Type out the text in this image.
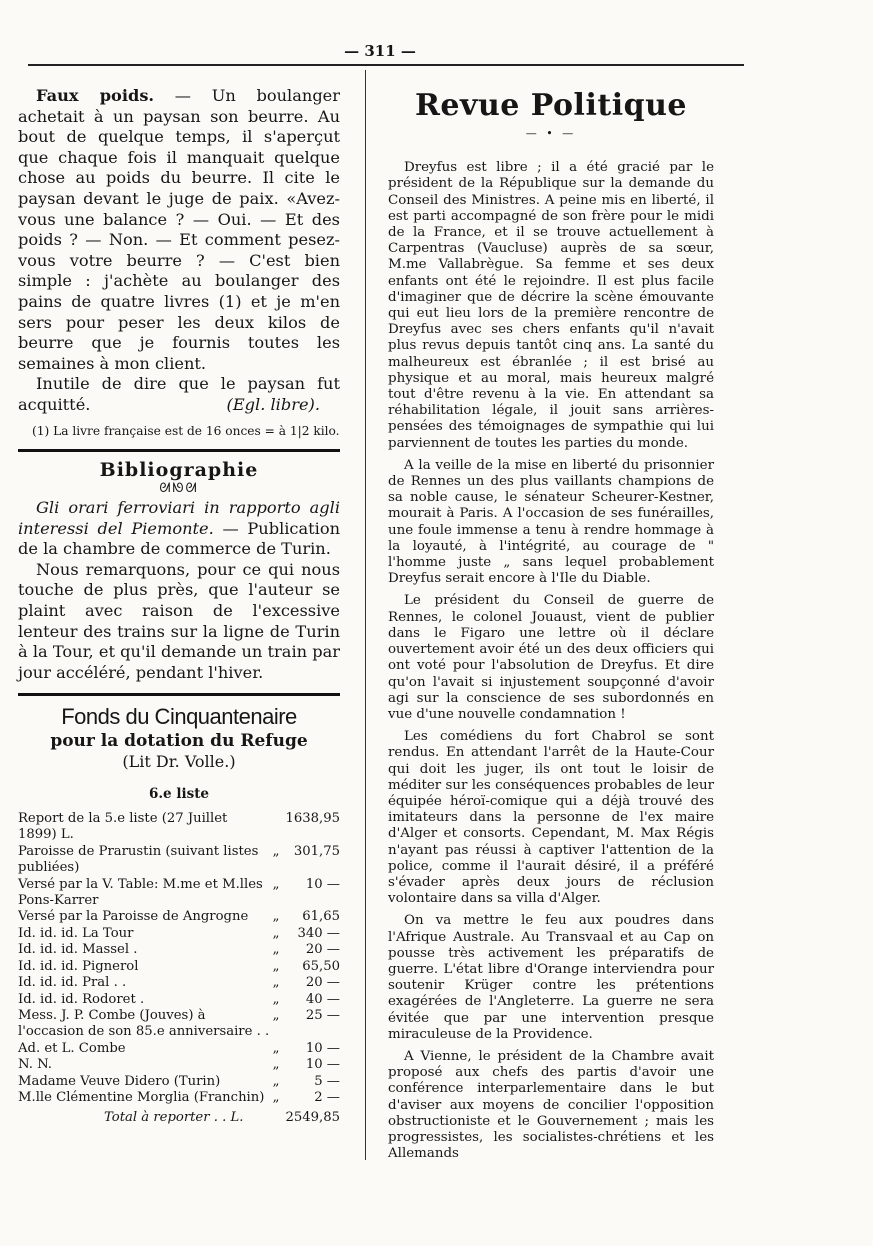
— 311 —

Faux poids. — Un boulanger achetait à un paysan son beurre. Au bout de quelque temps, il s'aperçut que chaque fois il manquait quelque chose au poids du beurre. Il cite le paysan devant le juge de paix. «Avez-vous une balance ? — Oui. — Et des poids ? — Non. — Et comment pesez-vous votre beurre ? — C'est bien simple : j'achète au boulanger des pains de quatre livres (1) et je m'en sers pour peser les deux kilos de beurre que je fournis toutes les semaines à mon client.

Inutile de dire que le paysan fut acquitté.	(Egl. libre).

(1) La livre française est de 16 onces = à 1|2 kilo.

Bibliographie
ᘛᘚᘛ

Gli orari ferroviari in rapporto agli interessi del Piemonte. — Publication de la chambre de commerce de Turin.

Nous remarquons, pour ce qui nous touche de plus près, que l'auteur se plaint avec raison de l'excessive lenteur des trains sur la ligne de Turin à la Tour, et qu'il demande un train par jour accéléré, pendant l'hiver.

Fonds du Cinquantenaire
pour la dotation du Refuge
(Lit Dr. Volle.)
6.e liste
Report de la 5.e liste (27 Juillet 1899) L.		1638,95
Paroisse de Prarustin (suivant listes publiées)	„	301,75
Versé par la V. Table: M.me et M.lles Pons-Karrer	„	10 —
Versé par la Paroisse de Angrogne	„	61,65
Id. id. id. La Tour	„	340 —
Id. id. id. Massel .	„	20 —
Id. id. id. Pignerol	„	65,50
Id. id. id. Pral . .	„	20 —
Id. id. id. Rodoret .	„	40 —
Mess. J. P. Combe (Jouves) à l'occasion de son 85.e anniversaire . .	„	25 —
Ad. et L. Combe	„	10 —
N. N.	„	10 —
Madame Veuve Didero (Turin)	„	5 —
M.lle Clémentine Morglia (Franchin)	„	2 —
Total à reporter . . L.		2549,85
Revue Politique
— • —

Dreyfus est libre ; il a été gracié par le président de la République sur la demande du Conseil des Ministres. A peine mis en liberté, il est parti accompagné de son frère pour le midi de la France, et il se trouve actuellement à Carpentras (Vaucluse) auprès de sa sœur, M.me Vallabrègue. Sa femme et ses deux enfants ont été le rejoindre. Il est plus facile d'imaginer que de décrire la scène émouvante qui eut lieu lors de la première rencontre de Dreyfus avec ses chers enfants qu'il n'avait plus revus depuis tantôt cinq ans. La santé du malheureux est ébranlée ; il est brisé au physique et au moral, mais heureux malgré tout d'être revenu à la vie. En attendant sa réhabilitation légale, il jouit sans arrières-pensées des témoignages de sympathie qui lui parviennent de toutes les parties du monde.

A la veille de la mise en liberté du prisonnier de Rennes un des plus vaillants champions de sa noble cause, le sénateur Scheurer-Kestner, mourait à Paris. A l'occasion de ses funérailles, une foule immense a tenu à rendre hommage à la loyauté, à l'intégrité, au courage de " l'homme juste „ sans lequel probablement Dreyfus serait encore à l'Ile du Diable.

Le président du Conseil de guerre de Rennes, le colonel Jouaust, vient de publier dans le Figaro une lettre où il déclare ouvertement avoir été un des deux officiers qui ont voté pour l'absolution de Dreyfus. Et dire qu'on l'avait si injustement soupçonné d'avoir agi sur la conscience de ses subordonnés en vue d'une nouvelle condamnation !

Les comédiens du fort Chabrol se sont rendus. En attendant l'arrêt de la Haute-Cour qui doit les juger, ils ont tout le loisir de méditer sur les conséquences probables de leur équipée héroï-comique qui a déjà trouvé des imitateurs dans la personne de l'ex maire d'Alger et consorts. Cependant, M. Max Régis n'ayant pas réussi à captiver l'attention de la police, comme il l'aurait désiré, il a préféré s'évader après deux jours de réclusion volontaire dans sa villa d'Alger.

On va mettre le feu aux poudres dans l'Afrique Australe. Au Transvaal et au Cap on pousse très activement les préparatifs de guerre. L'état libre d'Orange interviendra pour soutenir Krüger contre les prétentions exagérées de l'Angleterre. La guerre ne sera évitée que par une intervention presque miraculeuse de la Providence.

A Vienne, le président de la Chambre avait proposé aux chefs des partis d'avoir une conférence interparlementaire dans le but d'aviser aux moyens de concilier l'opposition obstructioniste et le Gouvernement ; mais les progressistes, les socialistes-chrétiens et les Allemands
